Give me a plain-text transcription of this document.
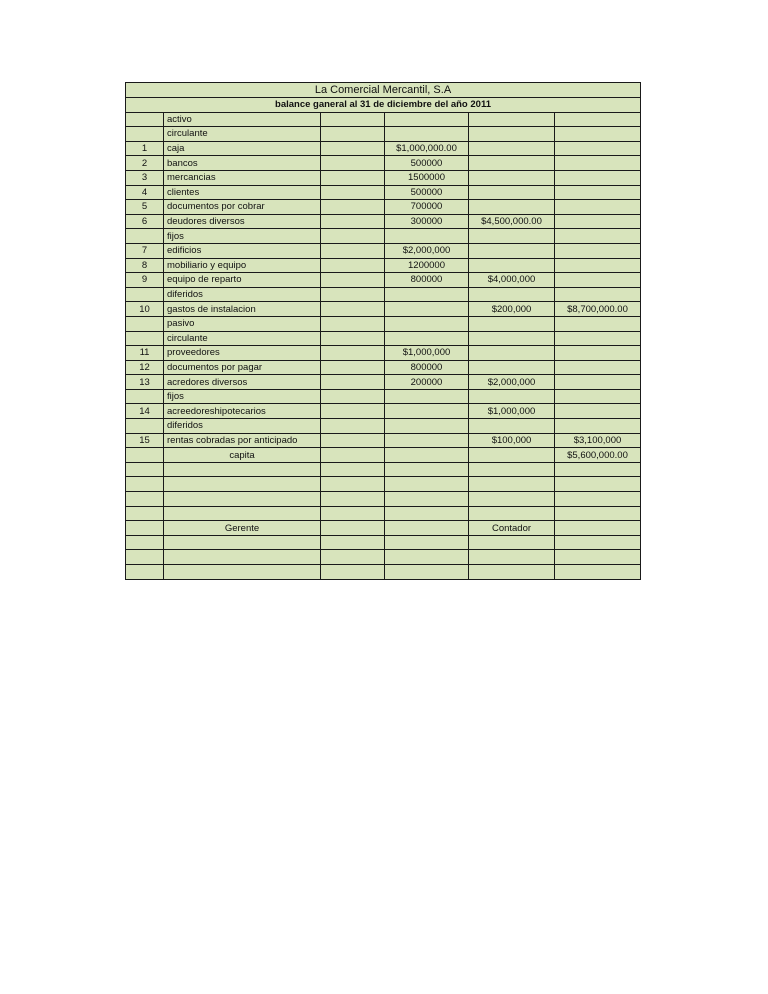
La Comercial Mercantil, S.A					
balance ganeral al 31 de diciembre del año 2011					
	activo				
	circulante				
1	caja		$1,000,000.00		
2	bancos		500000		
3	mercancias		1500000		
4	clientes		500000		
5	documentos por cobrar		700000		
6	deudores diversos		300000	$4,500,000.00	
	fijos				
7	edificios		$2,000,000		
8	mobiliario y equipo		1200000		
9	equipo de reparto		800000	$4,000,000	
	diferidos				
10	gastos de instalacion			$200,000	$8,700,000.00
	pasivo				
	circulante				
11	proveedores		$1,000,000		
12	documentos por pagar		800000		
13	acredores diversos		200000	$2,000,000	
	fijos				
14	acreedoreshipotecarios			$1,000,000	
	diferidos				
15	rentas cobradas por anticipado			$100,000	$3,100,000
	capita				$5,600,000.00

	Gerente			Contador	
